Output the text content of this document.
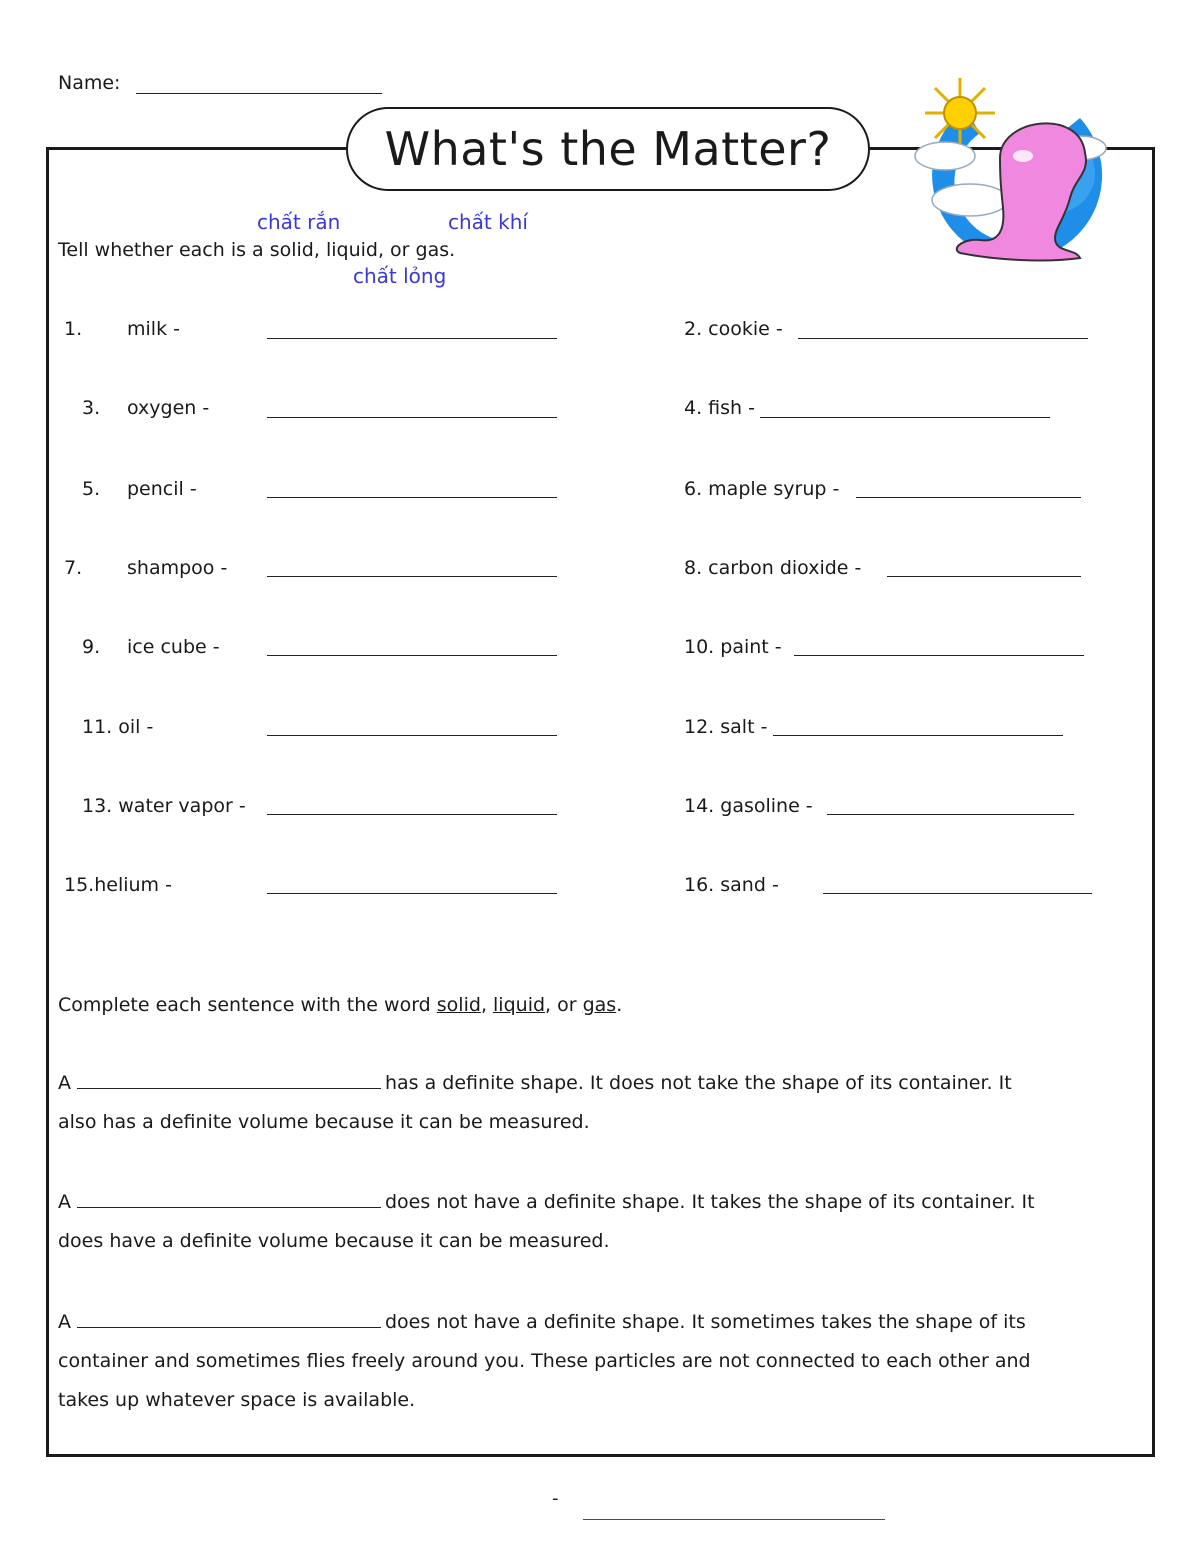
Name:
What's the Matter?
chất rắn	chất khí
Tell whether each is a solid, liquid, or gas.
chất lỏng
1. milk -
3. oxygen -
5. pencil -
7. shampoo -
9. ice cube -
11. oil -
13. water vapor -
15.helium -
2. cookie -
4. fish -
6. maple syrup -
8. carbon dioxide -
10. paint -
12. salt -
14. gasoline -
16. sand -
Complete each sentence with the word solid, liquid, or gas.
A	has a definite shape. It does not take the shape of its container. It
also has a definite volume because it can be measured.
A	does not have a definite shape. It takes the shape of its container. It
does have a definite volume because it can be measured.
A	does not have a definite shape. It sometimes takes the shape of its
container and sometimes flies freely around you. These particles are not connected to each other and
takes up whatever space is available.
-
